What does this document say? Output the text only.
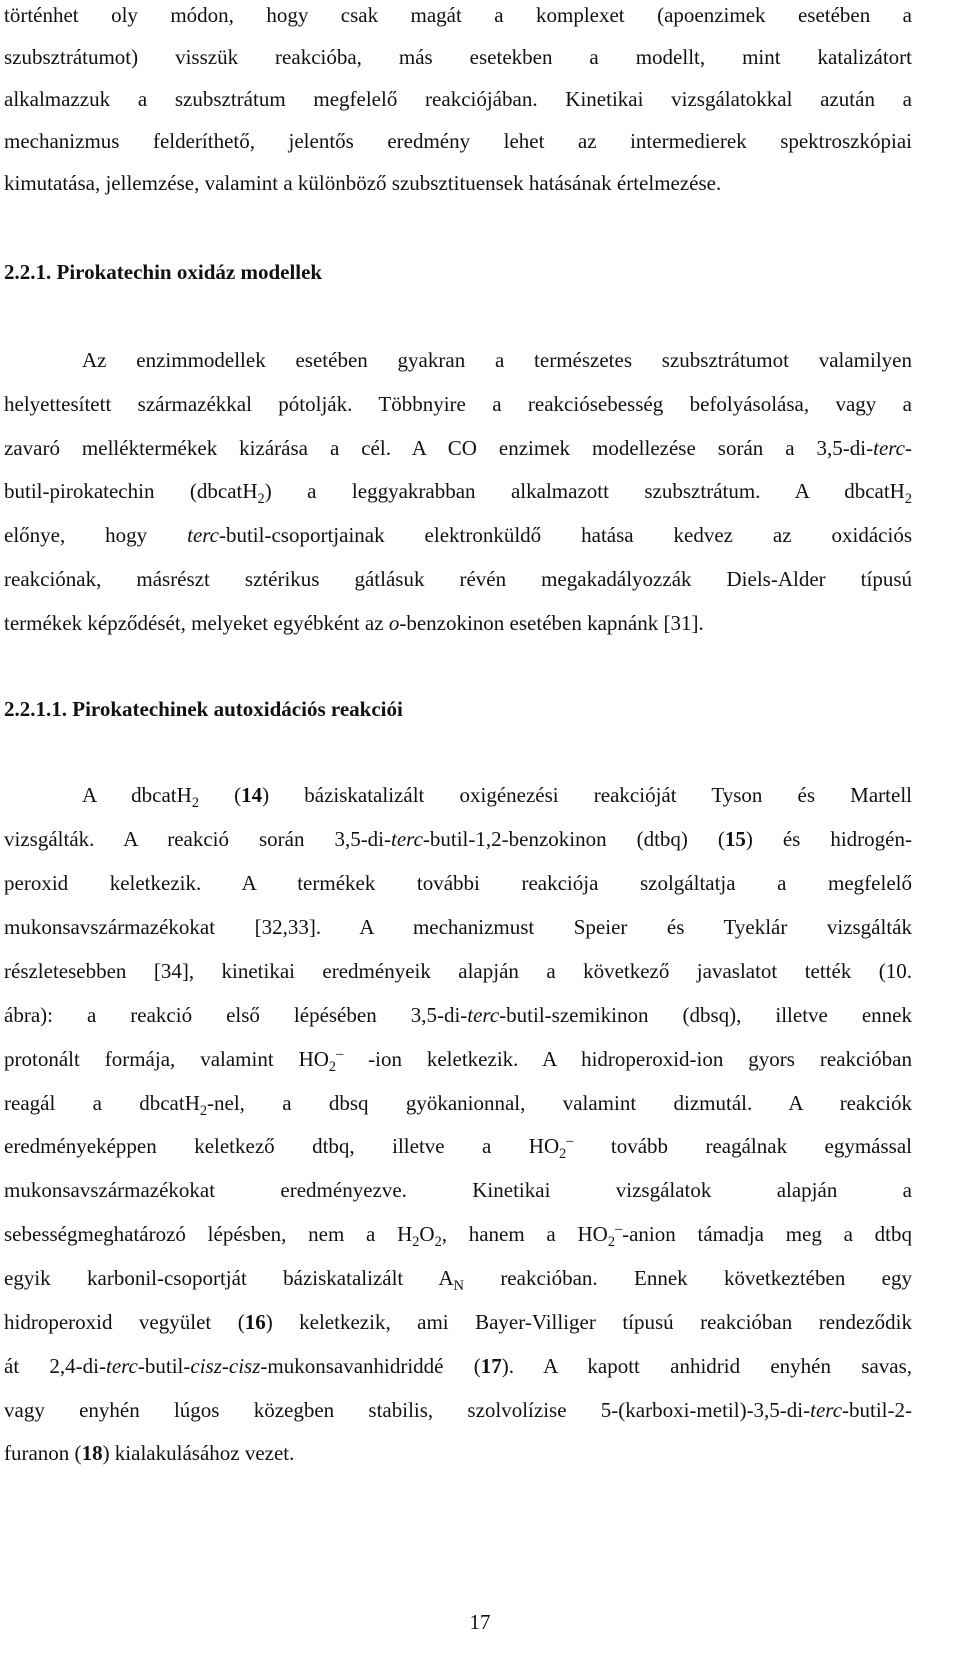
történhet oly módon, hogy csak magát a komplexet (apoenzimek esetében a
szubsztrátumot) visszük reakcióba, más esetekben a modellt, mint katalizátort
alkalmazzuk a szubsztrátum megfelelő reakciójában. Kinetikai vizsgálatokkal azután a
mechanizmus felderíthető, jelentős eredmény lehet az intermedierek spektroszkópiai
kimutatása, jellemzése, valamint a különböző szubsztituensek hatásának értelmezése.
2.2.1. Pirokatechin oxidáz modellek
Az enzimmodellek esetében gyakran a természetes szubsztrátumot valamilyen
helyettesített származékkal pótolják. Többnyire a reakciósebesség befolyásolása, vagy a
zavaró melléktermékek kizárása a cél. A CO enzimek modellezése során a 3,5-di-terc-
butil-pirokatechin (dbcatH$_2$) a leggyakrabban alkalmazott szubsztrátum. A dbcatH$_2$
előnye, hogy terc-butil-csoportjainak elektronküldő hatása kedvez az oxidációs
reakciónak, másrészt sztérikus gátlásuk révén megakadályozzák Diels-Alder típusú
termékek képződését, melyeket egyébként az o-benzokinon esetében kapnánk [31].
2.2.1.1. Pirokatechinek autoxidációs reakciói
A dbcatH$_2$ (14) báziskatalizált oxigénezési reakcióját Tyson és Martell
vizsgálták. A reakció során 3,5-di-terc-butil-1,2-benzokinon (dtbq) (15) és hidrogén-
peroxid keletkezik. A termékek további reakciója szolgáltatja a megfelelő
mukonsavszármazékokat [32,33]. A mechanizmust Speier és Tyeklár vizsgálták
részletesebben [34], kinetikai eredményeik alapján a következő javaslatot tették (10.
ábra): a reakció első lépésében 3,5-di-terc-butil-szemikinon (dbsq), illetve ennek
protonált formája, valamint $HO_2^-$ -ion keletkezik. A hidroperoxid-ion gyors reakcióban
reagál a dbcatH$_2$-nel, a dbsq gyökanionnal, valamint dizmutál. A reakciók
eredményeképpen keletkező dtbq, illetve a $HO_2^-$ tovább reagálnak egymással
mukonsavszármazékokat eredményezve. Kinetikai vizsgálatok alapján a
sebességmeghatározó lépésben, nem a $H_2O_2$, hanem a $HO_2^-$-anion támadja meg a dtbq
egyik karbonil-csoportját báziskatalizált $A_N$ reakcióban. Ennek következtében egy
hidroperoxid vegyület (16) keletkezik, ami Bayer-Villiger típusú reakcióban rendeződik
át 2,4-di-terc-butil-cisz-cisz-mukonsavanhidriddé (17). A kapott anhidrid enyhén savas,
vagy enyhén lúgos közegben stabilis, szolvolízise 5-(karboxi-metil)-3,5-di-terc-butil-2-
furanon (18) kialakulásához vezet.
17
